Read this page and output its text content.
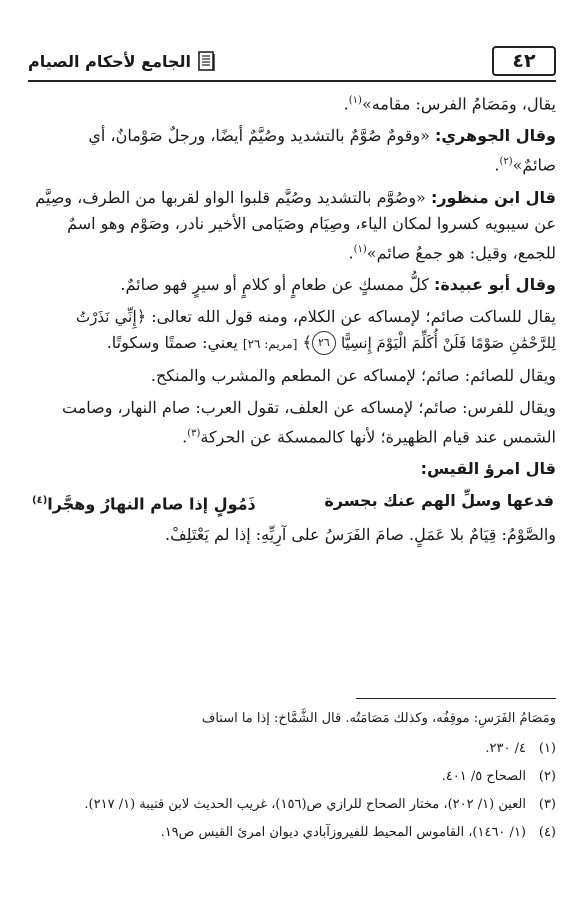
٤٢
الجامع لأحكام الصيام

يقال، ومَصَامُ الفرس: مقامه»$^{(١)}$.

وقال الجوهري: «وقومٌ صُوَّمٌ بالتشديد وصُيَّمٌ أيضًا، ورجلٌ صَوْمانٌ، أي صائمٌ»$^{(٢)}$.

قال ابن منظور: «وصُوَّم بالتشديد وصُيَّم قلبوا الواو لقربها من الطرف، وصِيَّم عن سيبويه كسروا لمكان الياء، وصِيَام وصَيَامى الأخير نادر، وصَوْم وهو اسمٌ للجمع، وقيل: هو جمعُ صائم»$^{(١)}$.

وقال أبو عبيدة: كلُّ ممسكٍ عن طعامٍ أو كلامٍ أو سيرٍ فهو صائمٌ.

يقال للساكت صائم؛ لإمساكه عن الكلام، ومنه قول الله تعالى: ﴿إِنِّي نَذَرْتُ لِلرَّحْمَٰنِ صَوْمًا فَلَنْ أُكَلِّمَ الْيَوْمَ إِنسِيًّا ٢٦﴾ [مريم: ٢٦] يعني: صمتًا وسكوتًا.

ويقال للصائم: صائم؛ لإمساكه عن المطعم والمشرب والمنكح.

ويقال للفرس: صائم؛ لإمساكه عن العلف، تقول العرب: صام النهار، وصامت الشمس عند قيام الظهيرة؛ لأنها كالممسكة عن الحركة$^{(٣)}$.

قال امرؤ القيس:

فدعها وسلِّ الهم عنك بجسرة
ذَمُولٍ إذا صام النهارُ وهجَّرا$^{(٤)}$

والصَّوْمُ: قِيَامٌ بلا عَمَلٍ. صامَ الفَرَسُ على آرِيِّهِ: إذا لم يَعْتَلِفْ.

ومَصَامُ الفَرَسِ: موقِفُه، وكذلك مَصَامَتُه. قال الشَّمَّاخ: إذا ما استاف
(١)
٤/ ٢٣٠.
(٢)
الصحاح ٥/ ٤٠١.
(٣)
العين (١/ ٢٠٢)، مختار الصحاح للرازي ص(١٥٦)، غريب الحديث لابن قتيبة (١/ ٢١٧).
(٤)
(١/ ١٤٦٠)، القاموس المحيط للفيروزآبادي ديوان امرئ القيس ص١٩.
